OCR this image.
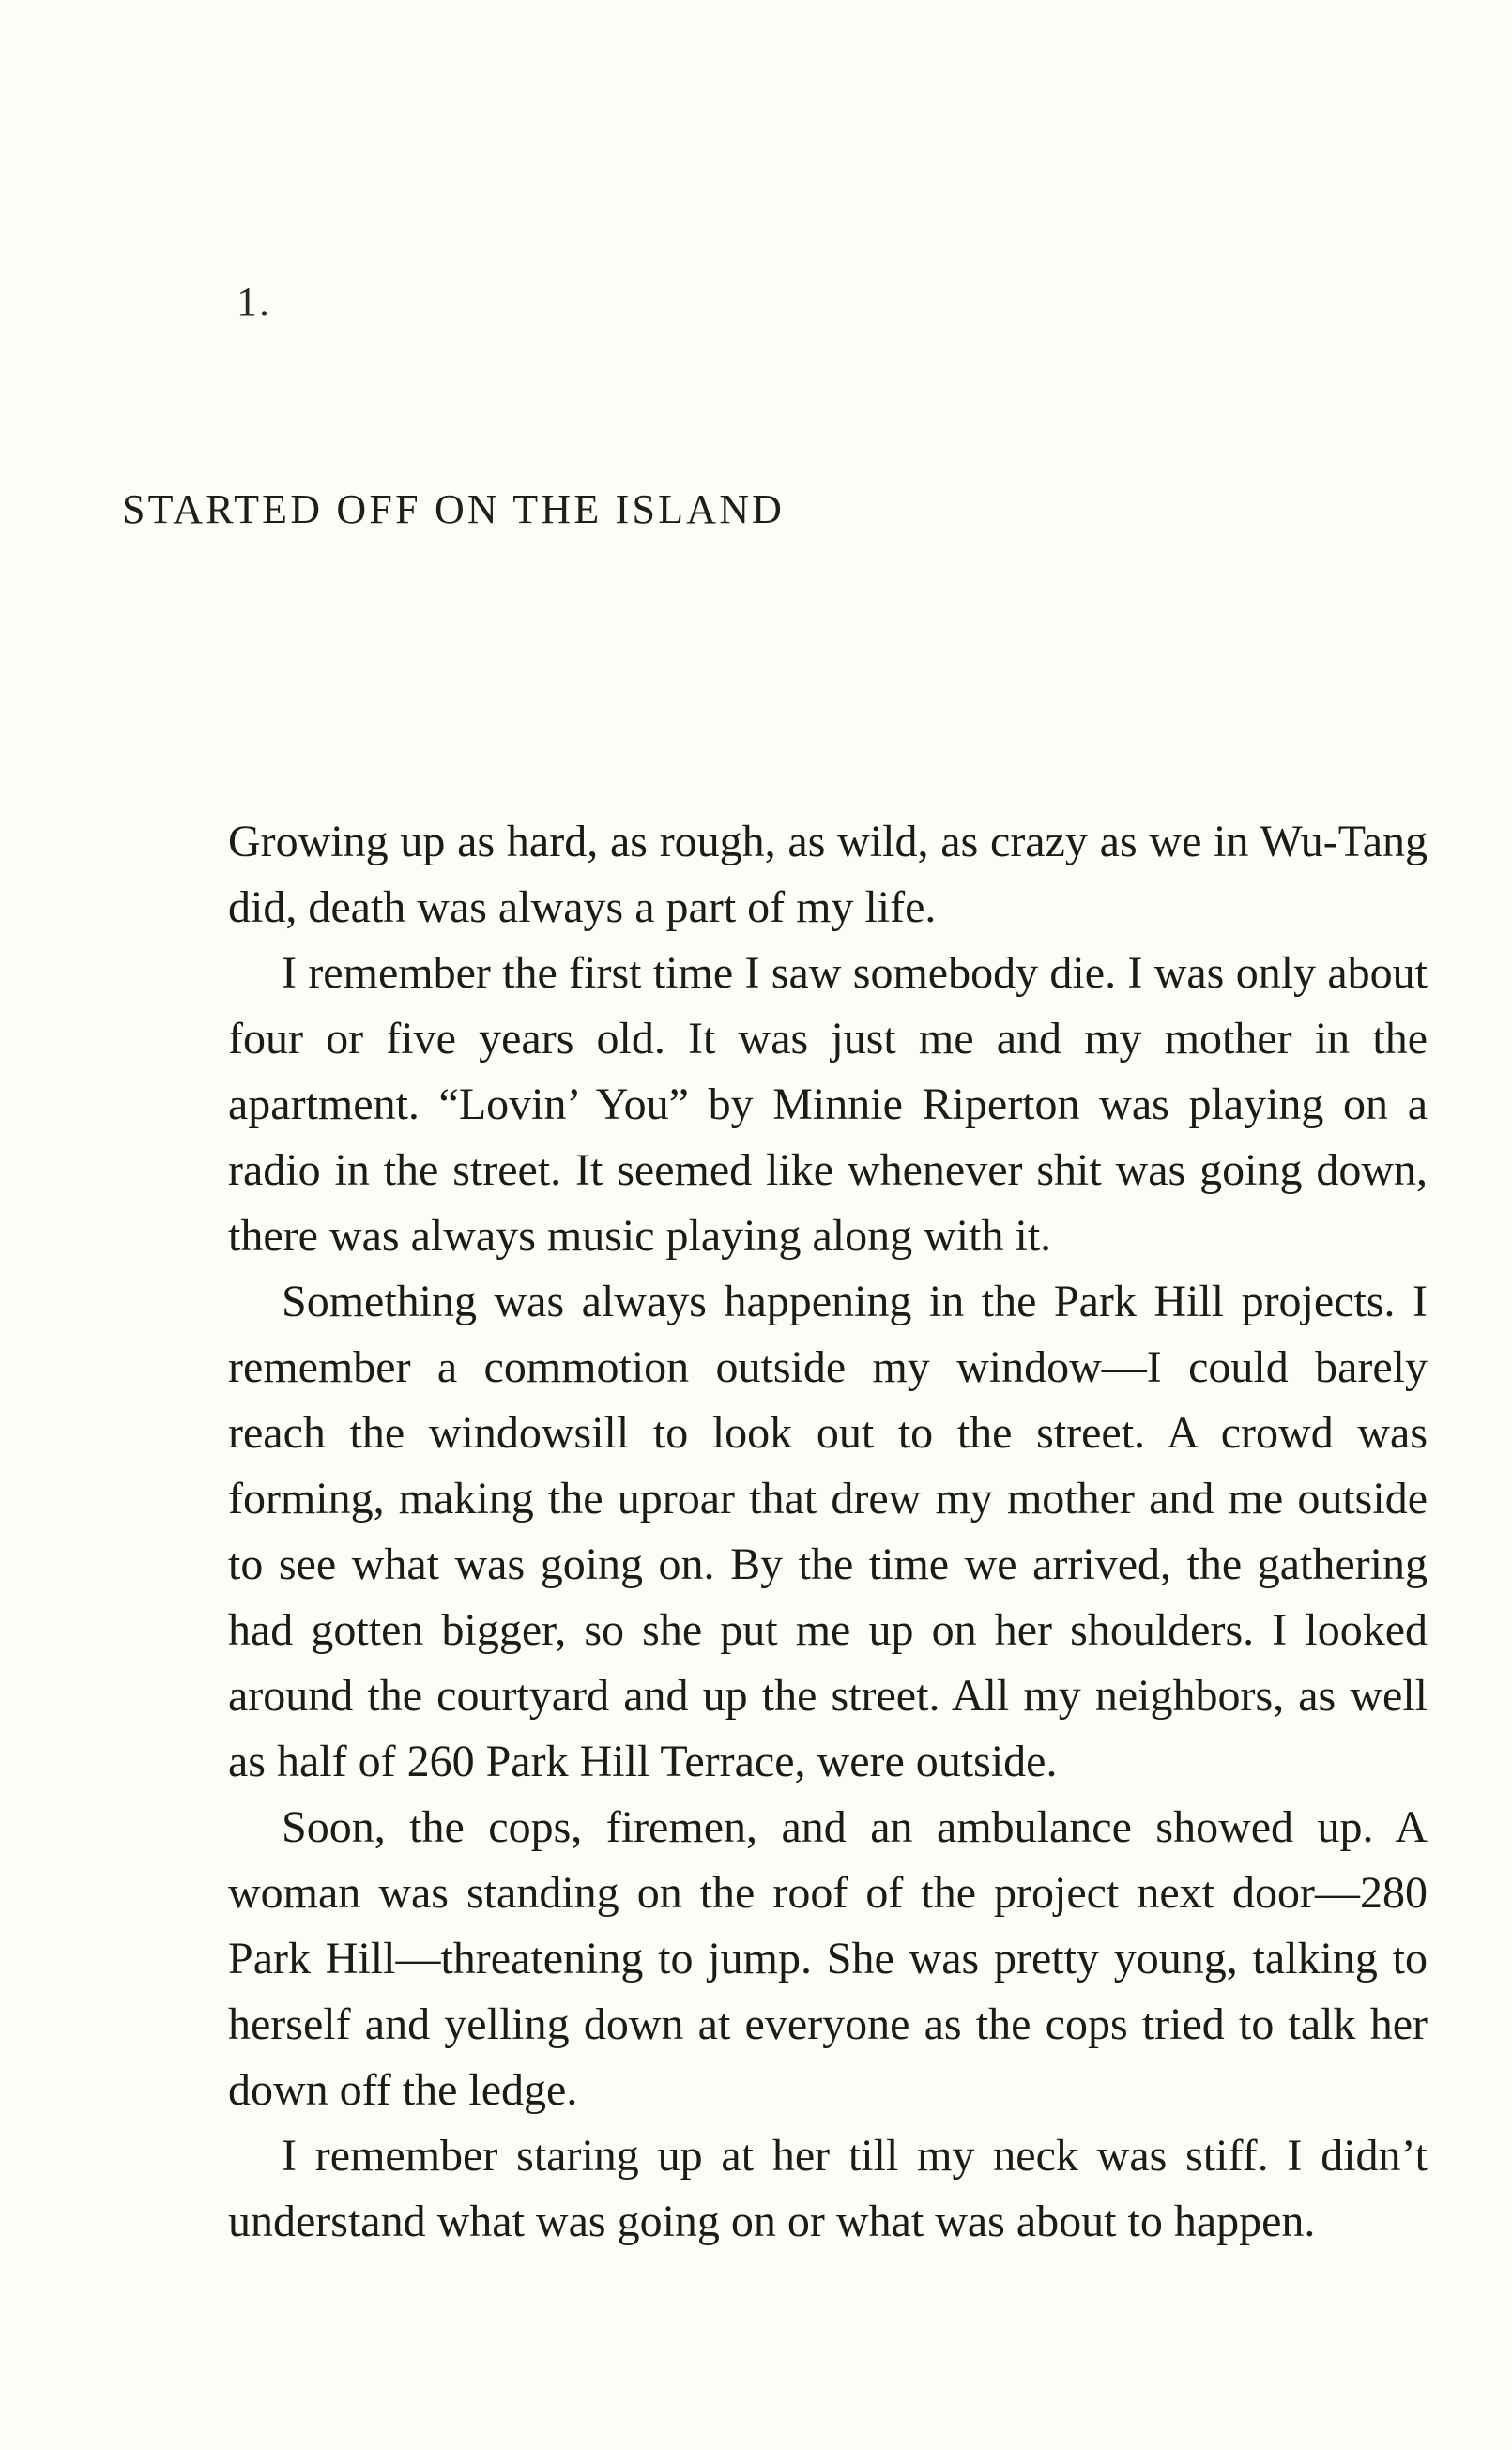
1.
STARTED OFF ON THE ISLAND

Growing up as hard, as rough, as wild, as crazy as we in Wu-Tang did, death was always a part of my life.

I remember the first time I saw somebody die. I was only about four or five years old. It was just me and my mother in the apartment. “Lovin’ You” by Minnie Riperton was playing on a radio in the street. It seemed like whenever shit was going down, there was always music playing along with it.

Something was always happening in the Park Hill projects. I remember a commotion outside my window—I could barely reach the windowsill to look out to the street. A crowd was forming, making the uproar that drew my mother and me outside to see what was going on. By the time we arrived, the gathering had gotten bigger, so she put me up on her shoulders. I looked around the courtyard and up the street. All my neighbors, as well as half of 260 Park Hill Terrace, were outside.

Soon, the cops, firemen, and an ambulance showed up. A woman was standing on the roof of the project next door—280 Park Hill—threatening to jump. She was pretty young, talking to herself and yelling down at everyone as the cops tried to talk her down off the ledge.

I remember staring up at her till my neck was stiff. I didn’t understand what was going on or what was about to happen.
